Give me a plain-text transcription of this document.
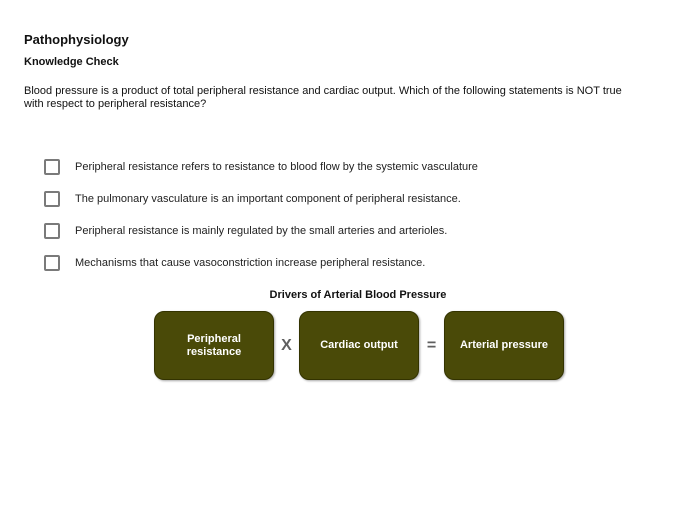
Pathophysiology
Knowledge Check
Blood pressure is a product of total peripheral resistance and cardiac output. Which of the following statements is NOT true with respect to peripheral resistance?
Peripheral resistance refers to resistance to blood flow by the systemic vasculature
The pulmonary vasculature is an important component of peripheral resistance.
Peripheral resistance is mainly regulated by the small arteries and arterioles.
Mechanisms that cause vasoconstriction increase peripheral resistance.
Drivers of Arterial Blood Pressure
Peripheral resistance	X	Cardiac output	=	Arterial pressure
